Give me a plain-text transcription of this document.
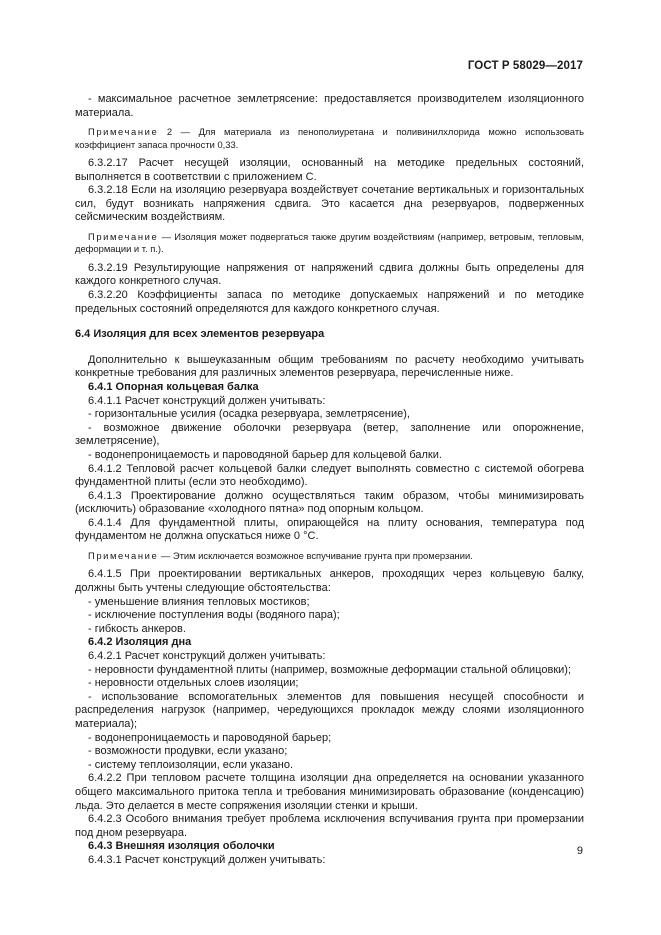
ГОСТ Р 58029—2017

- максимальное расчетное землетрясение: предоставляется производителем изоляционного материала.

Примечание 2 — Для материала из пенополиуретана и поливинилхлорида можно использовать коэффициент запаса прочности 0,33.

6.3.2.17 Расчет несущей изоляции, основанный на методике предельных состояний, выполняется в соответствии с приложением С.

6.3.2.18 Если на изоляцию резервуара воздействует сочетание вертикальных и горизонтальных сил, будут возникать напряжения сдвига. Это касается дна резервуаров, подверженных сейсмическим воздействиям.

Примечание — Изоляция может подвергаться также другим воздействиям (например, ветровым, тепловым, деформации и т. п.).

6.3.2.19 Результирующие напряжения от напряжений сдвига должны быть определены для каждого конкретного случая.

6.3.2.20 Коэффициенты запаса по методике допускаемых напряжений и по методике предельных состояний определяются для каждого конкретного случая.

6.4 Изоляция для всех элементов резервуара

Дополнительно к вышеуказанным общим требованиям по расчету необходимо учитывать конкретные требования для различных элементов резервуара, перечисленные ниже.

6.4.1 Опорная кольцевая балка

6.4.1.1 Расчет конструкций должен учитывать:

- горизонтальные усилия (осадка резервуара, землетрясение),

- возможное движение оболочки резервуара (ветер, заполнение или опорожнение, землетрясение),

- водонепроницаемость и пароводяной барьер для кольцевой балки.

6.4.1.2 Тепловой расчет кольцевой балки следует выполнять совместно с системой обогрева фундаментной плиты (если это необходимо).

6.4.1.3 Проектирование должно осуществляться таким образом, чтобы минимизировать (исключить) образование «холодного пятна» под опорным кольцом.

6.4.1.4 Для фундаментной плиты, опирающейся на плиту основания, температура под фундаментом не должна опускаться ниже 0 °С.

Примечание — Этим исключается возможное вспучивание грунта при промерзании.

6.4.1.5 При проектировании вертикальных анкеров, проходящих через кольцевую балку, должны быть учтены следующие обстоятельства:

- уменьшение влияния тепловых мостиков;

- исключение поступления воды (водяного пара);

- гибкость анкеров.

6.4.2 Изоляция дна

6.4.2.1 Расчет конструкций должен учитывать:

- неровности фундаментной плиты (например, возможные деформации стальной облицовки);

- неровности отдельных слоев изоляции;

- использование вспомогательных элементов для повышения несущей способности и распределения нагрузок (например, чередующихся прокладок между слоями изоляционного материала);

- водонепроницаемость и пароводяной барьер;

- возможности продувки, если указано;

- систему теплоизоляции, если указано.

6.4.2.2 При тепловом расчете толщина изоляции дна определяется на основании указанного общего максимального притока тепла и требования минимизировать образование (конденсацию) льда. Это делается в месте сопряжения изоляции стенки и крыши.

6.4.2.3 Особого внимания требует проблема исключения вспучивания грунта при промерзании под дном резервуара.

6.4.3 Внешняя изоляция оболочки

6.4.3.1 Расчет конструкций должен учитывать:

9
